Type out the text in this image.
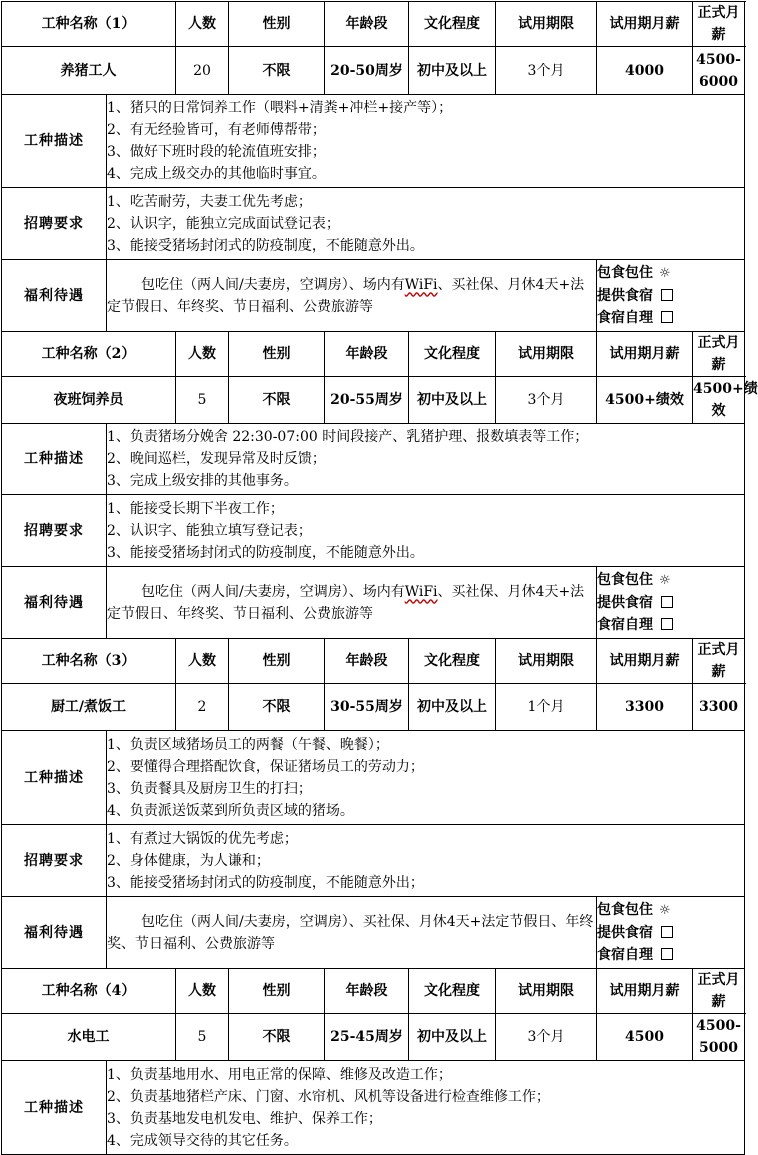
工种名称（1）		人数	性别	年龄段	文化程度	试用期限	试用期月薪	正式月薪
养猪工人		20	不限	20-50周岁	初中及以上	3个月	4000	4500-6000
工种描述	1、猪只的日常饲养工作（喂料+清粪+冲栏+接产等）；
2、有无经验皆可，有老师傅帮带；
3、做好下班时段的轮流值班安排；
4、完成上级交办的其他临时事宜。							

招聘要求	1、吃苦耐劳，夫妻工优先考虑；
2、认识字，能独立完成面试登记表；
3、能接受猪场封闭式的防疫制度，不能随意外出。							

福利待遇	包吃住（两人间/夫妻房，空调房）、场内有WiFi、买社保、月休4天+法定节假日、年终奖、节日福利、公费旅游等						包食包住 ☼
提供食宿
食宿自理	

工种名称（2）		人数	性别	年龄段	文化程度	试用期限	试用期月薪	正式月薪
夜班饲养员		5	不限	20-55周岁	初中及以上	3个月	4500+绩效	4500+绩效
工种描述	1、负责猪场分娩舍 22:30-07:00 时间段接产、乳猪护理、报数填表等工作；
2、晚间巡栏，发现异常及时反馈；
3、完成上级安排的其他事务。							

招聘要求	1、能接受长期下半夜工作；
2、认识字、能独立填写登记表；
3、能接受猪场封闭式的防疫制度，不能随意外出。							

福利待遇	包吃住（两人间/夫妻房，空调房）、场内有WiFi、买社保、月休4天+法定节假日、年终奖、节日福利、公费旅游等						包食包住 ☼
提供食宿
食宿自理	

工种名称（3）		人数	性别	年龄段	文化程度	试用期限	试用期月薪	正式月薪
厨工/煮饭工		2	不限	30-55周岁	初中及以上	1个月	3300	3300
工种描述	1、负责区域猪场员工的两餐（午餐、晚餐）；
2、要懂得合理搭配饮食，保证猪场员工的劳动力；
3、负责餐具及厨房卫生的打扫；
4、负责派送饭菜到所负责区域的猪场。							

招聘要求	1、有煮过大锅饭的优先考虑；
2、身体健康，为人谦和；
3、能接受猪场封闭式的防疫制度，不能随意外出；							

福利待遇	包吃住（两人间/夫妻房，空调房）、买社保、月休4天+法定节假日、年终奖、节日福利、公费旅游等						包食包住 ☼
提供食宿
食宿自理	

工种名称（4）		人数	性别	年龄段	文化程度	试用期限	试用期月薪	正式月薪
水电工		5	不限	25-45周岁	初中及以上	3个月	4500	4500-5000
工种描述	1、负责基地用水、用电正常的保障、维修及改造工作；
2、负责基地猪栏产床、门窗、水帘机、风机等设备进行检查维修工作；
3、负责基地发电机发电、维护、保养工作；
4、完成领导交待的其它任务。							
